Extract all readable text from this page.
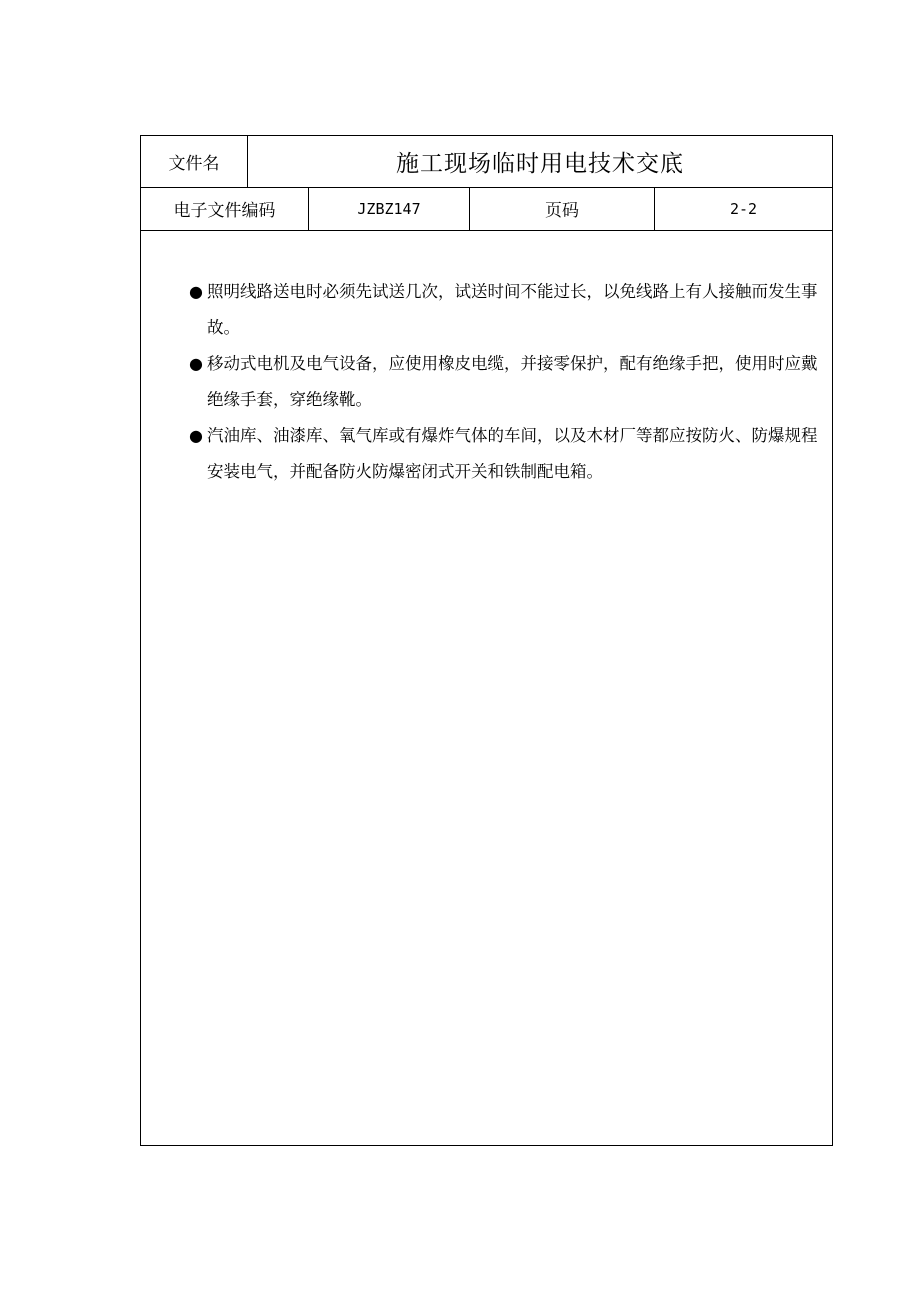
文件名	施工现场临时用电技术交底
电子文件编码	JZBZ147	页码	2-2

● 照明线路送电时必须先试送几次，试送时间不能过长，以免线路上有人接触而发生事故。

● 移动式电机及电气设备，应使用橡皮电缆，并接零保护，配有绝缘手把，使用时应戴绝缘手套，穿绝缘靴。

● 汽油库、油漆库、氧气库或有爆炸气体的车间，以及木材厂等都应按防火、防爆规程安装电气，并配备防火防爆密闭式开关和铁制配电箱。
